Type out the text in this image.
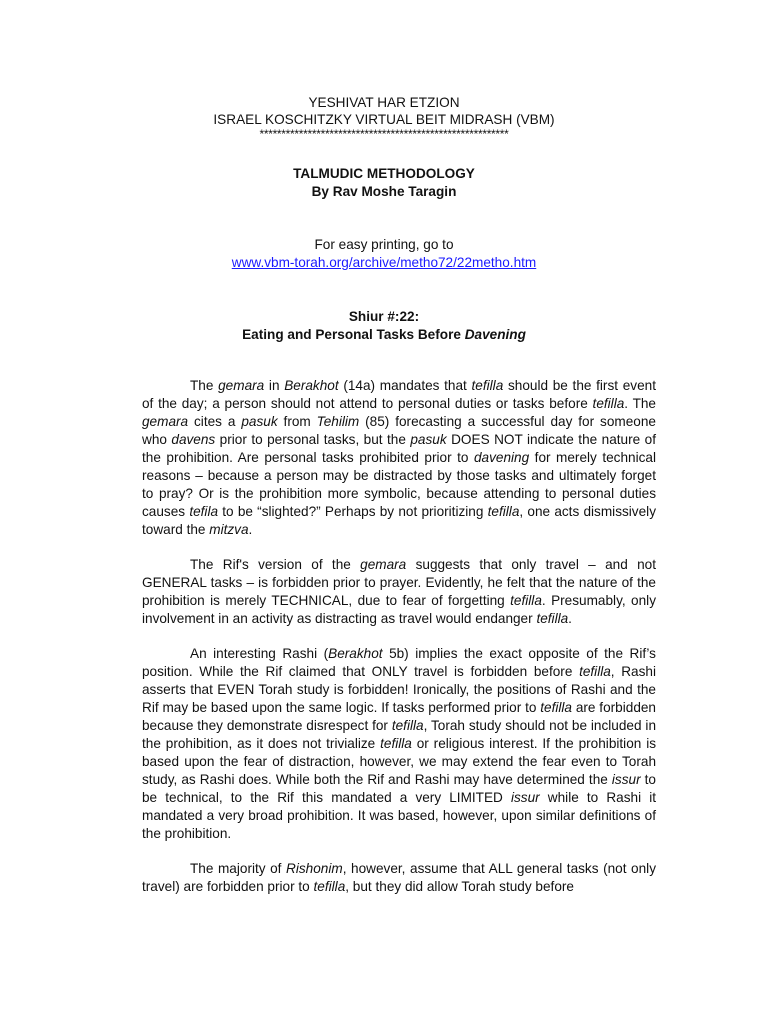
YESHIVAT HAR ETZION
ISRAEL KOSCHITZKY VIRTUAL BEIT MIDRASH (VBM)
*********************************************************
TALMUDIC METHODOLOGY
By Rav Moshe Taragin
For easy printing, go to
www.vbm-torah.org/archive/metho72/22metho.htm
Shiur #:22:
Eating and Personal Tasks Before Davening

The gemara in Berakhot (14a) mandates that tefilla should be the first event of the day; a person should not attend to personal duties or tasks before tefilla. The gemara cites a pasuk from Tehilim (85) forecasting a successful day for someone who davens prior to personal tasks, but the pasuk DOES NOT indicate the nature of the prohibition. Are personal tasks prohibited prior to davening for merely technical reasons – because a person may be distracted by those tasks and ultimately forget to pray? Or is the prohibition more symbolic, because attending to personal duties causes tefila to be “slighted?” Perhaps by not prioritizing tefilla, one acts dismissively toward the mitzva.

The Rif's version of the gemara suggests that only travel – and not GENERAL tasks – is forbidden prior to prayer. Evidently, he felt that the nature of the prohibition is merely TECHNICAL, due to fear of forgetting tefilla. Presumably, only involvement in an activity as distracting as travel would endanger tefilla.

An interesting Rashi (Berakhot 5b) implies the exact opposite of the Rif’s position. While the Rif claimed that ONLY travel is forbidden before tefilla, Rashi asserts that EVEN Torah study is forbidden! Ironically, the positions of Rashi and the Rif may be based upon the same logic. If tasks performed prior to tefilla are forbidden because they demonstrate disrespect for tefilla, Torah study should not be included in the prohibition, as it does not trivialize tefilla or religious interest. If the prohibition is based upon the fear of distraction, however, we may extend the fear even to Torah study, as Rashi does. While both the Rif and Rashi may have determined the issur to be technical, to the Rif this mandated a very LIMITED issur while to Rashi it mandated a very broad prohibition. It was based, however, upon similar definitions of the prohibition.

The majority of Rishonim, however, assume that ALL general tasks (not only travel) are forbidden prior to tefilla, but they did allow Torah study before
